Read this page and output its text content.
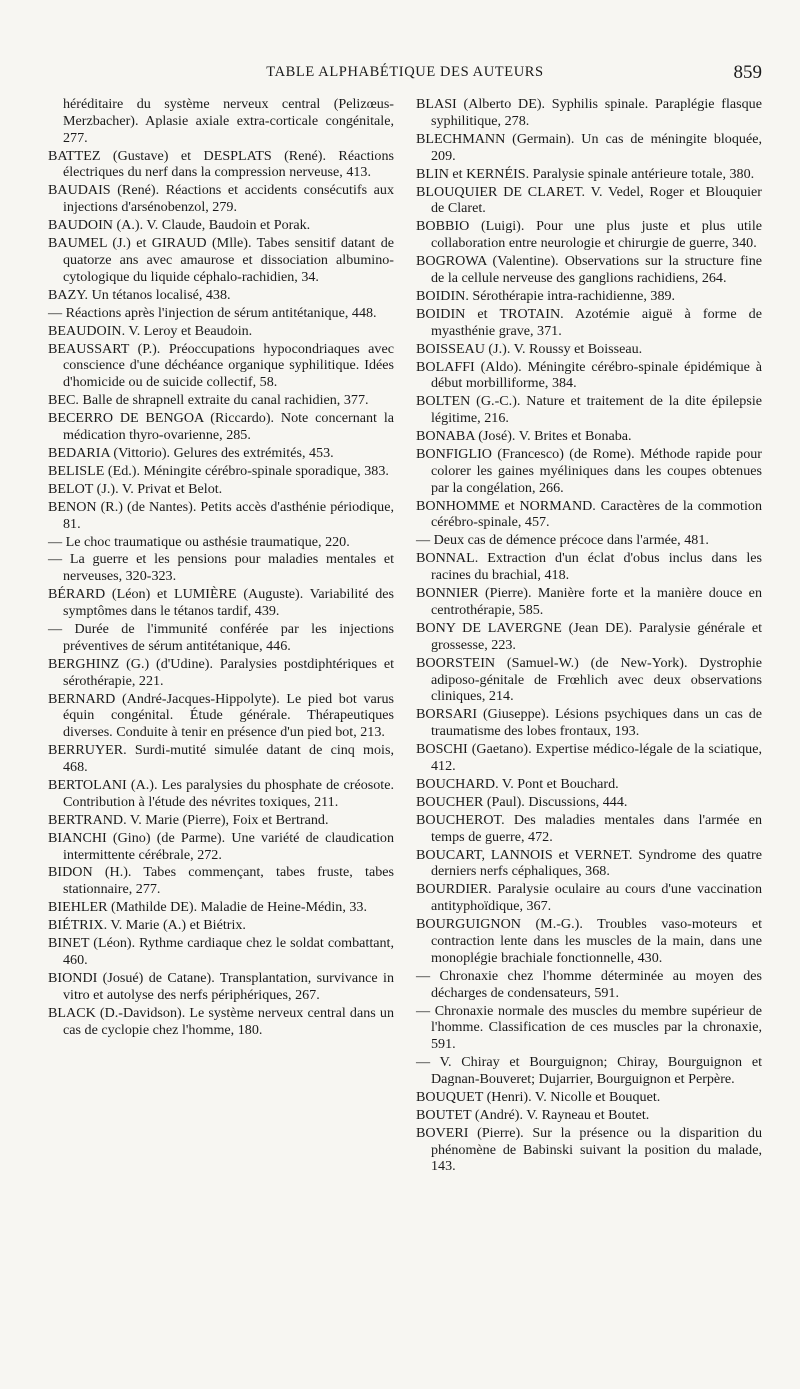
TABLE ALPHABÉTIQUE DES AUTEURS	859

héréditaire du système nerveux central (Pelizœus-Merzbacher). Aplasie axiale extra-corticale congénitale, 277.

BATTEZ (Gustave) et DESPLATS (René). Réactions électriques du nerf dans la compression nerveuse, 413.

BAUDAIS (René). Réactions et accidents consécutifs aux injections d'arsénobenzol, 279.

BAUDOIN (A.). V. Claude, Baudoin et Porak.

BAUMEL (J.) et GIRAUD (Mlle). Tabes sensitif datant de quatorze ans avec amaurose et dissociation albumino-cytologique du liquide céphalo-rachidien, 34.

BAZY. Un tétanos localisé, 438.

— Réactions après l'injection de sérum antitétanique, 448.

BEAUDOIN. V. Leroy et Beaudoin.

BEAUSSART (P.). Préoccupations hypocondriaques avec conscience d'une déchéance organique syphilitique. Idées d'homicide ou de suicide collectif, 58.

BEC. Balle de shrapnell extraite du canal rachidien, 377.

BECERRO DE BENGOA (Riccardo). Note concernant la médication thyro-ovarienne, 285.

BEDARIA (Vittorio). Gelures des extrémités, 453.

BELISLE (Ed.). Méningite cérébro-spinale sporadique, 383.

BELOT (J.). V. Privat et Belot.

BENON (R.) (de Nantes). Petits accès d'asthénie périodique, 81.

— Le choc traumatique ou asthésie traumatique, 220.

— La guerre et les pensions pour maladies mentales et nerveuses, 320-323.

BÉRARD (Léon) et LUMIÈRE (Auguste). Variabilité des symptômes dans le tétanos tardif, 439.

— Durée de l'immunité conférée par les injections préventives de sérum antitétanique, 446.

BERGHINZ (G.) (d'Udine). Paralysies postdiphtériques et sérothérapie, 221.

BERNARD (André-Jacques-Hippolyte). Le pied bot varus équin congénital. Étude générale. Thérapeutiques diverses. Conduite à tenir en présence d'un pied bot, 213.

BERRUYER. Surdi-mutité simulée datant de cinq mois, 468.

BERTOLANI (A.). Les paralysies du phosphate de créosote. Contribution à l'étude des névrites toxiques, 211.

BERTRAND. V. Marie (Pierre), Foix et Bertrand.

BIANCHI (Gino) (de Parme). Une variété de claudication intermittente cérébrale, 272.

BIDON (H.). Tabes commençant, tabes fruste, tabes stationnaire, 277.

BIEHLER (Mathilde DE). Maladie de Heine-Médin, 33.

BIÉTRIX. V. Marie (A.) et Biétrix.

BINET (Léon). Rythme cardiaque chez le soldat combattant, 460.

BIONDI (Josué) de Catane). Transplantation, survivance in vitro et autolyse des nerfs périphériques, 267.

BLACK (D.-Davidson). Le système nerveux central dans un cas de cyclopie chez l'homme, 180.

BLASI (Alberto DE). Syphilis spinale. Paraplégie flasque syphilitique, 278.

BLECHMANN (Germain). Un cas de méningite bloquée, 209.

BLIN et KERNÉIS. Paralysie spinale antérieure totale, 380.

BLOUQUIER DE CLARET. V. Vedel, Roger et Blouquier de Claret.

BOBBIO (Luigi). Pour une plus juste et plus utile collaboration entre neurologie et chirurgie de guerre, 340.

BOGROWA (Valentine). Observations sur la structure fine de la cellule nerveuse des ganglions rachidiens, 264.

BOIDIN. Sérothérapie intra-rachidienne, 389.

BOIDIN et TROTAIN. Azotémie aiguë à forme de myasthénie grave, 371.

BOISSEAU (J.). V. Roussy et Boisseau.

BOLAFFI (Aldo). Méningite cérébro-spinale épidémique à début morbilliforme, 384.

BOLTEN (G.-C.). Nature et traitement de la dite épilepsie légitime, 216.

BONABA (José). V. Brites et Bonaba.

BONFIGLIO (Francesco) (de Rome). Méthode rapide pour colorer les gaines myéliniques dans les coupes obtenues par la congélation, 266.

BONHOMME et NORMAND. Caractères de la commotion cérébro-spinale, 457.

— Deux cas de démence précoce dans l'armée, 481.

BONNAL. Extraction d'un éclat d'obus inclus dans les racines du brachial, 418.

BONNIER (Pierre). Manière forte et la manière douce en centrothérapie, 585.

BONY DE LAVERGNE (Jean DE). Paralysie générale et grossesse, 223.

BOORSTEIN (Samuel-W.) (de New-York). Dystrophie adiposo-génitale de Frœhlich avec deux observations cliniques, 214.

BORSARI (Giuseppe). Lésions psychiques dans un cas de traumatisme des lobes frontaux, 193.

BOSCHI (Gaetano). Expertise médico-légale de la sciatique, 412.

BOUCHARD. V. Pont et Bouchard.

BOUCHER (Paul). Discussions, 444.

BOUCHEROT. Des maladies mentales dans l'armée en temps de guerre, 472.

BOUCART, LANNOIS et VERNET. Syndrome des quatre derniers nerfs céphaliques, 368.

BOURDIER. Paralysie oculaire au cours d'une vaccination antityphoïdique, 367.

BOURGUIGNON (M.-G.). Troubles vaso-moteurs et contraction lente dans les muscles de la main, dans une monoplégie brachiale fonctionnelle, 430.

— Chronaxie chez l'homme déterminée au moyen des décharges de condensateurs, 591.

— Chronaxie normale des muscles du membre supérieur de l'homme. Classification de ces muscles par la chronaxie, 591.

— V. Chiray et Bourguignon; Chiray, Bourguignon et Dagnan-Bouveret; Dujarrier, Bourguignon et Perpère.

BOUQUET (Henri). V. Nicolle et Bouquet.

BOUTET (André). V. Rayneau et Boutet.

BOVERI (Pierre). Sur la présence ou la disparition du phénomène de Babinski suivant la position du malade, 143.
